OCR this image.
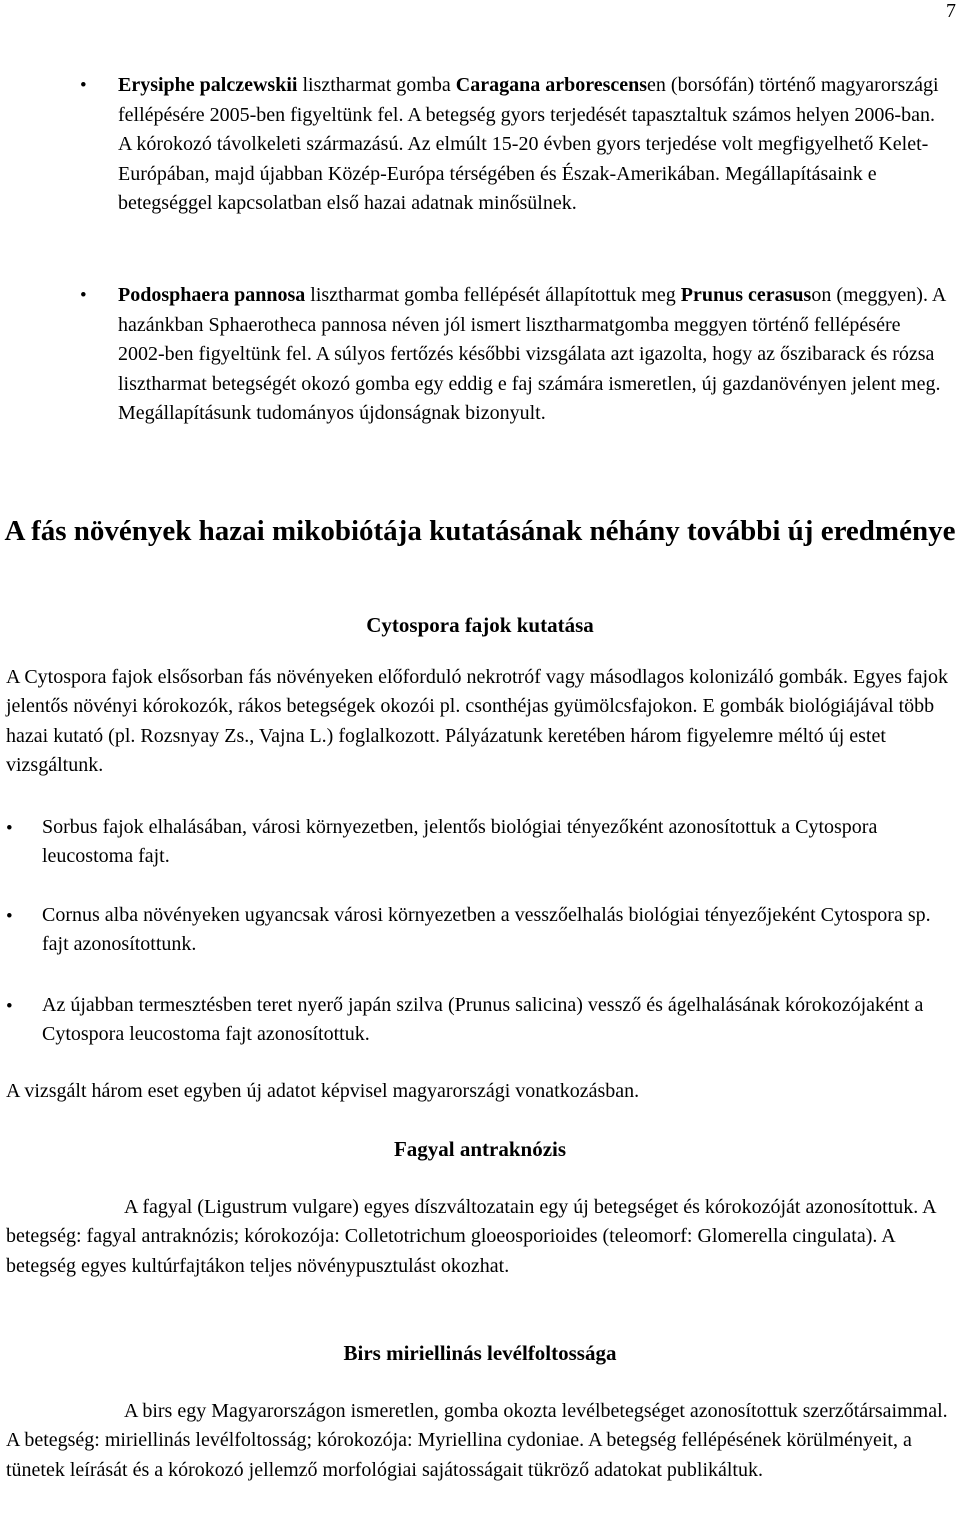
7
• Erysiphe palczewskii lisztharmat gomba Caragana arborescensen (borsófán) történő magyarországi fellépésére 2005-ben figyeltünk fel. A betegség gyors terjedését tapasztaltuk számos helyen 2006-ban. A kórokozó távolkeleti származású. Az elmúlt 15-20 évben gyors terjedése volt megfigyelhető Kelet-Európában, majd újabban Közép-Európa térségében és Észak-Amerikában. Megállapításaink e betegséggel kapcsolatban első hazai adatnak minősülnek.

• Podosphaera pannosa lisztharmat gomba fellépését állapítottuk meg Prunus cerasuson (meggyen). A hazánkban Sphaerotheca pannosa néven jól ismert lisztharmatgomba meggyen történő fellépésére 2002-ben figyeltünk fel. A súlyos fertőzés későbbi vizsgálata azt igazolta, hogy az őszibarack és rózsa lisztharmat betegségét okozó gomba egy eddig e faj számára ismeretlen, új gazdanövényen jelent meg. Megállapításunk tudományos újdonságnak bizonyult.

A fás növények hazai mikobiótája kutatásának néhány további új eredménye
Cytospora fajok kutatása

A Cytospora fajok elsősorban fás növényeken előforduló nekrotróf vagy másodlagos kolonizáló gombák. Egyes fajok jelentős növényi kórokozók, rákos betegségek okozói pl. csonthéjas gyümölcsfajokon. E gombák biológiájával több hazai kutató (pl. Rozsnyay Zs., Vajna L.) foglalkozott. Pályázatunk keretében három figyelemre méltó új estet vizsgáltunk.

• Sorbus fajok elhalásában, városi környezetben, jelentős biológiai tényezőként azonosítottuk a Cytospora leucostoma fajt.

• Cornus alba növényeken ugyancsak városi környezetben a vesszőelhalás biológiai tényezőjeként Cytospora sp. fajt azonosítottunk.

• Az újabban termesztésben teret nyerő japán szilva (Prunus salicina) vessző és ágelhalásának kórokozójaként a Cytospora leucostoma fajt azonosítottuk.

A vizsgált három eset egyben új adatot képvisel magyarországi vonatkozásban.

Fagyal antraknózis

A fagyal (Ligustrum vulgare) egyes díszváltozatain egy új betegséget és kórokozóját azonosítottuk. A betegség: fagyal antraknózis; kórokozója: Colletotrichum gloeosporioides (teleomorf: Glomerella cingulata). A betegség egyes kultúrfajtákon teljes növénypusztulást okozhat.

Birs miriellinás levélfoltossága

A birs egy Magyarországon ismeretlen, gomba okozta levélbetegséget azonosítottuk szerzőtársaimmal. A betegség: miriellinás levélfoltosság; kórokozója: Myriellina cydoniae. A betegség fellépésének körülményeit, a tünetek leírását és a kórokozó jellemző morfológiai sajátosságait tükröző adatokat publikáltuk.
